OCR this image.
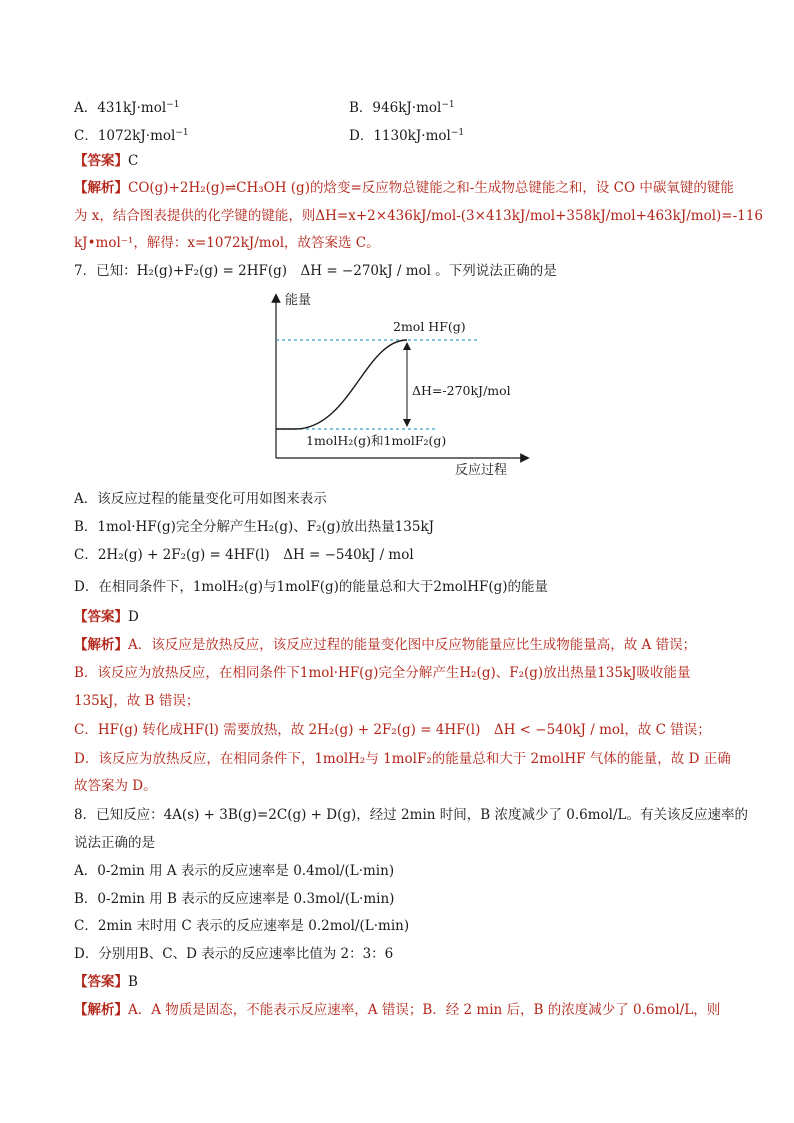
A．431kJ·mol$^{-1}$	B．946kJ·mol$^{-1}$
C．1072kJ·mol$^{-1}$	D．1130kJ·mol$^{-1}$
【答案】C
【解析】CO(g)+2H₂(g)⇌CH₃OH (g)的焓变=反应物总键能之和-生成物总键能之和，设 CO 中碳氧键的键能
为 x，结合图表提供的化学键的键能，则ΔH=x+2×436kJ/mol-(3×413kJ/mol+358kJ/mol+463kJ/mol)=-116
kJ•mol⁻¹，解得：x=1072kJ/mol，故答案选 C。
7．已知：H₂(g)+F₂(g) = 2HF(g)　ΔH = −270kJ / mol 。下列说法正确的是
能量
反应过程
2mol HF(g)
1molH₂(g)和1molF₂(g)
ΔH=-270kJ/mol
A．该反应过程的能量变化可用如图来表示
B．1mol·HF(g)完全分解产生H₂(g)、F₂(g)放出热量135kJ
C．2H₂(g) + 2F₂(g) = 4HF(l)　ΔH = −540kJ / mol
D．在相同条件下，1molH₂(g)与1molF(g)的能量总和大于2molHF(g)的能量
【答案】D
【解析】A．该反应是放热反应，该反应过程的能量变化图中反应物能量应比生成物能量高，故 A 错误；
B．该反应为放热反应，在相同条件下1mol·HF(g)完全分解产生H₂(g)、F₂(g)放出热量135kJ吸收能量
135kJ，故 B 错误；
C．HF(g) 转化成HF(l) 需要放热，故 2H₂(g) + 2F₂(g) = 4HF(l)　ΔH < −540kJ / mol，故 C 错误；
D．该反应为放热反应，在相同条件下，1molH₂与 1molF₂的能量总和大于 2molHF 气体的能量，故 D 正确
故答案为 D。
8．已知反应：4A(s) + 3B(g)=2C(g) + D(g)，经过 2min 时间，B 浓度减少了 0.6mol/L。有关该反应速率的
说法正确的是
A．0-2min 用 A 表示的反应速率是 0.4mol/(L·min)
B．0-2min 用 B 表示的反应速率是 0.3mol/(L·min)
C．2min 末时用 C 表示的反应速率是 0.2mol/(L·min)
D．分别用B、C、D 表示的反应速率比值为 2：3：6
【答案】B
【解析】A．A 物质是固态，不能表示反应速率，A 错误；B．经 2 min 后，B 的浓度减少了 0.6mol/L，则
